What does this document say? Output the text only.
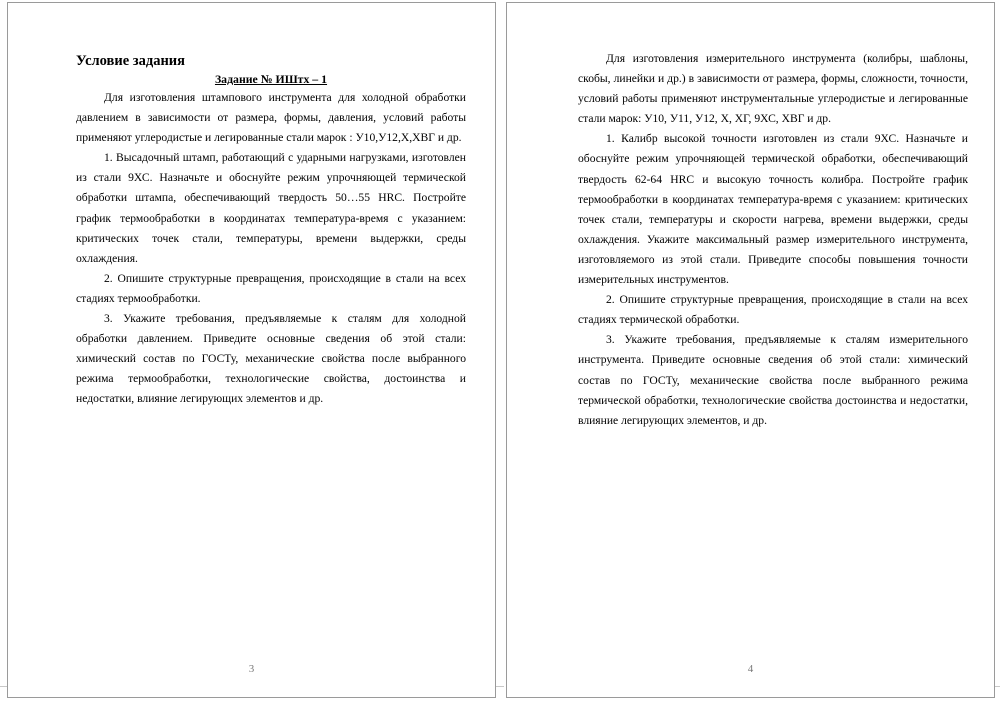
Условие задания

Задание № ИШтх – 1

Для изготовления штампового инструмента для холодной обработки давлением в зависимости от размера, формы, давления, условий работы применяют углеродистые и легированные стали марок : У10,У12,Х,ХВГ и др.

1. Высадочный штамп, работающий с ударными нагрузками, изготовлен из стали 9ХС. Назначьте и обоснуйте режим упрочняющей термической обработки штампа, обеспечивающий твердость 50…55 HRC. Постройте график термообработки в координатах температура-время с указанием: критических точек стали, температуры, времени выдержки, среды охлаждения.

2. Опишите структурные превращения, происходящие в стали на всех стадиях термообработки.

3. Укажите требования, предъявляемые к сталям для холодной обработки давлением. Приведите основные сведения об этой стали: химический состав по ГОСТу, механические свойства после выбранного режима термообработки, технологические свойства, достоинства и недостатки, влияние легирующих элементов и др.

3

Для изготовления измерительного инструмента (колибры, шаблоны, скобы, линейки и др.) в зависимости от размера, формы, сложности, точности, условий работы применяют инструментальные углеродистые и легированные стали марок: У10, У11, У12, Х, ХГ, 9ХС, ХВГ и др.

1. Калибр высокой точности изготовлен из стали 9ХС. Назначьте и обоснуйте режим упрочняющей термической обработки, обеспечивающий твердость 62-64 HRC и высокую точность колибра. Постройте график термообработки в координатах температура-время с указанием: критических точек стали, температуры и скорости нагрева, времени выдержки, среды охлаждения. Укажите максимальный размер измерительного инструмента, изготовляемого из этой стали. Приведите способы повышения точности измерительных инструментов.

2. Опишите структурные превращения, происходящие в стали на всех стадиях термической обработки.

3. Укажите требования, предъявляемые к сталям измерительного инструмента. Приведите основные сведения об этой стали: химический состав по ГОСТу, механические свойства после выбранного режима термической обработки, технологические свойства достоинства и недостатки, влияние легирующих элементов, и др.

4
